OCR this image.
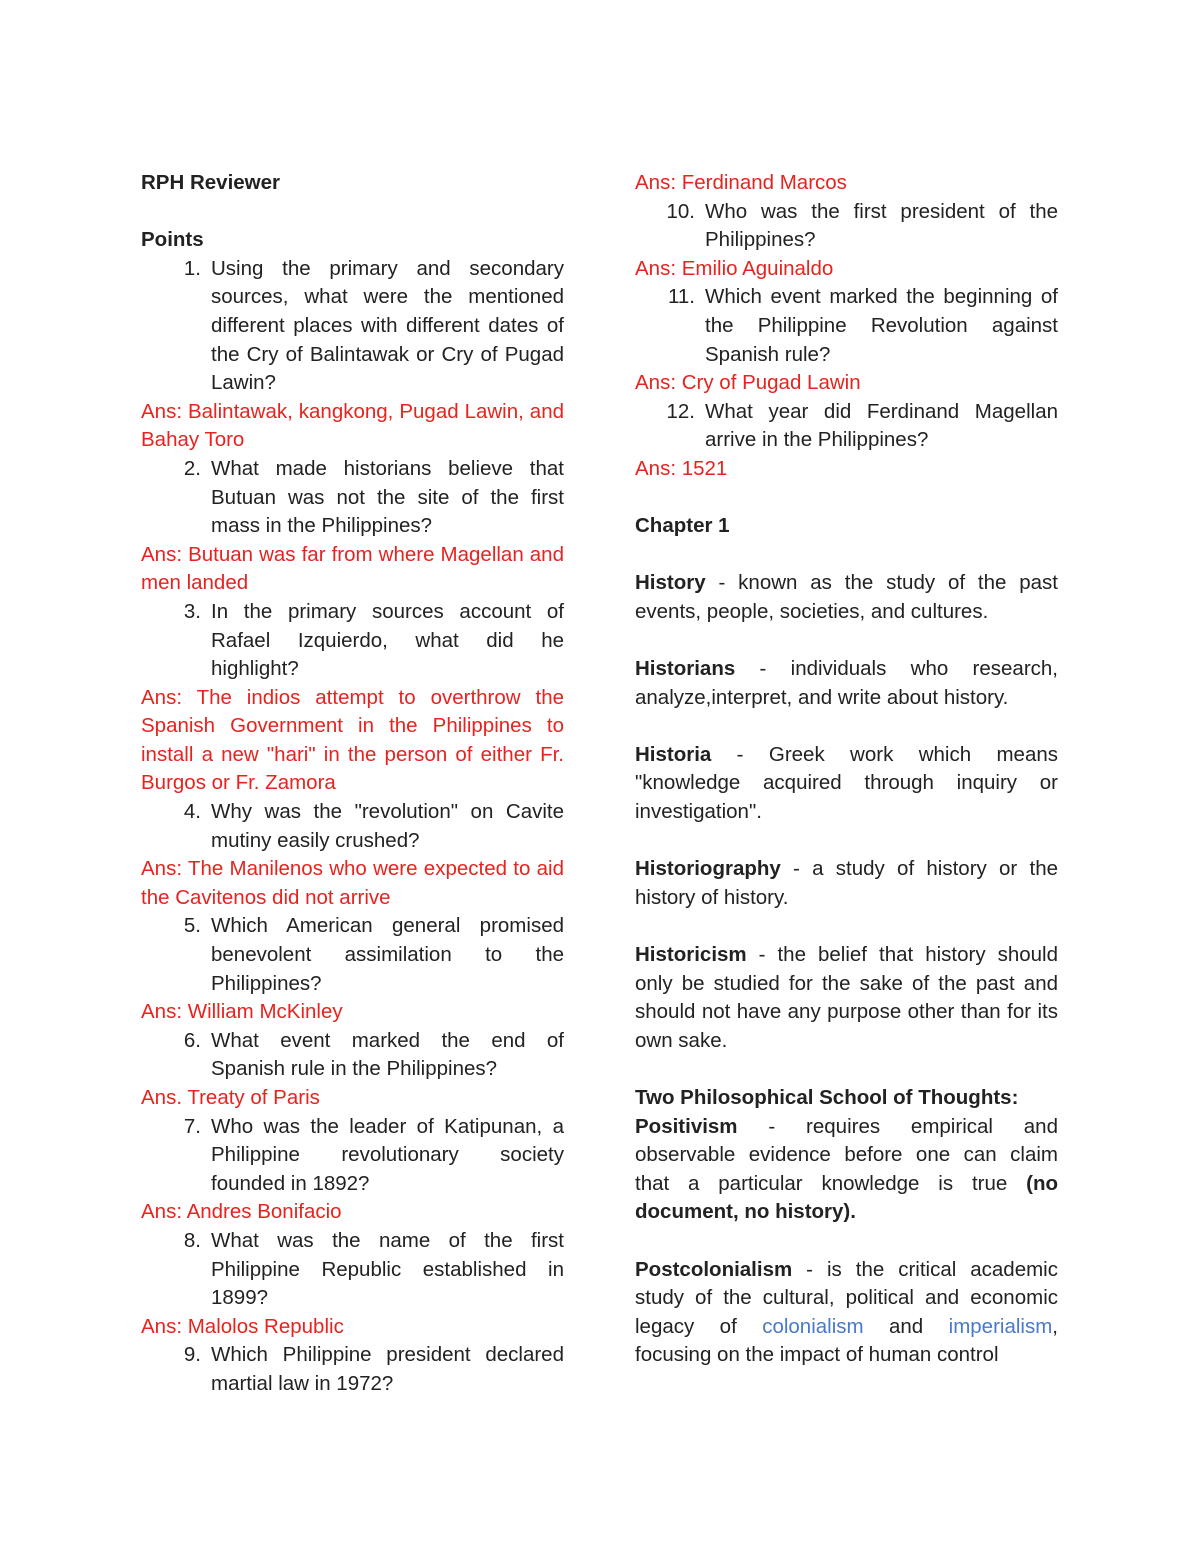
RPH Reviewer
Points
1. Using the primary and secondary sources, what were the mentioned different places with different dates of the Cry of Balintawak or Cry of Pugad Lawin?
Ans: Balintawak, kangkong, Pugad Lawin, and Bahay Toro
2. What made historians believe that Butuan was not the site of the first mass in the Philippines?
Ans: Butuan was far from where Magellan and men landed
3. In the primary sources account of Rafael Izquierdo, what did he highlight?
Ans: The indios attempt to overthrow the Spanish Government in the Philippines to install a new "hari" in the person of either Fr. Burgos or Fr. Zamora
4. Why was the "revolution" on Cavite mutiny easily crushed?
Ans: The Manilenos who were expected to aid the Cavitenos did not arrive
5. Which American general promised benevolent assimilation to the Philippines?
Ans: William McKinley
6. What event marked the end of Spanish rule in the Philippines?
Ans. Treaty of Paris
7. Who was the leader of Katipunan, a Philippine revolutionary society founded in 1892?
Ans: Andres Bonifacio
8. What was the name of the first Philippine Republic established in 1899?
Ans: Malolos Republic
9. Which Philippine president declared martial law in 1972?
Ans: Ferdinand Marcos
10. Who was the first president of the Philippines?
Ans: Emilio Aguinaldo
11. Which event marked the beginning of the Philippine Revolution against Spanish rule?
Ans: Cry of Pugad Lawin
12. What year did Ferdinand Magellan arrive in the Philippines?
Ans: 1521
Chapter 1
History - known as the study of the past events, people, societies, and cultures.
Historians - individuals who research, analyze,interpret, and write about history.
Historia - Greek work which means "knowledge acquired through inquiry or investigation".
Historiography - a study of history or the history of history.
Historicism - the belief that history should only be studied for the sake of the past and should not have any purpose other than for its own sake.
Two Philosophical School of Thoughts:
Positivism - requires empirical and observable evidence before one can claim that a particular knowledge is true (no document, no history).
Postcolonialism - is the critical academic study of the cultural, political and economic legacy of colonialism and imperialism, focusing on the impact of human control
